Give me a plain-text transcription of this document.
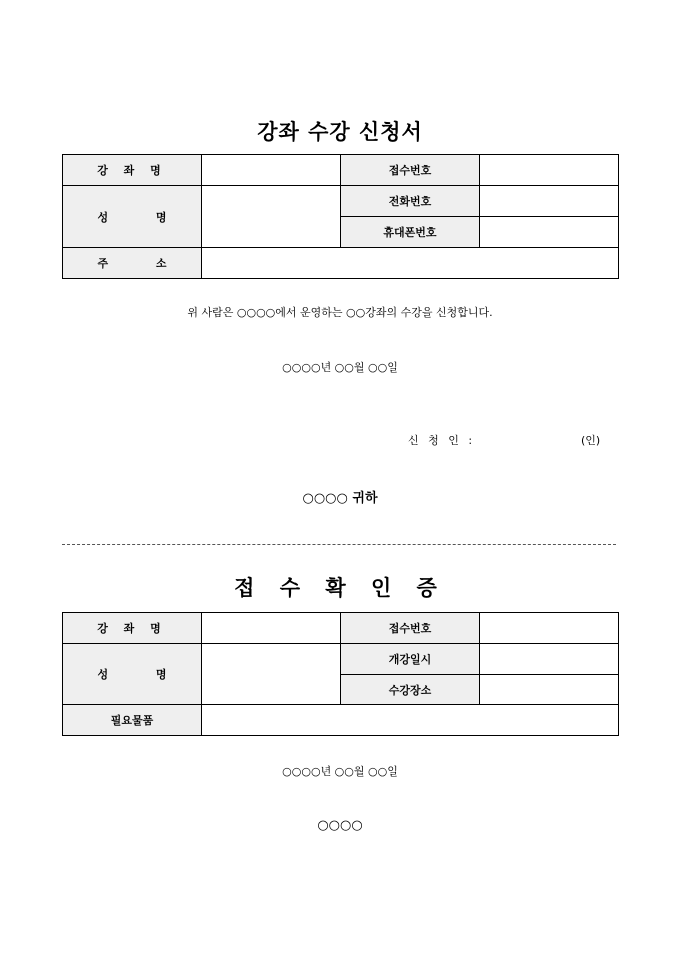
강좌 수강 신청서
강 좌 명		접수번호	
성 명		전화번호	
		휴대폰번호	
주 소			
위 사람은 ○○○○에서 운영하는 ○○강좌의 수강을 신청합니다.
○○○○년 ○○월 ○○일
신 청 인 :	(인)
○○○○ 귀하
접 수 확 인 증
강 좌 명		접수번호	
성 명		개강일시	
		수강장소	
필요물품			
○○○○년 ○○월 ○○일
○○○○
